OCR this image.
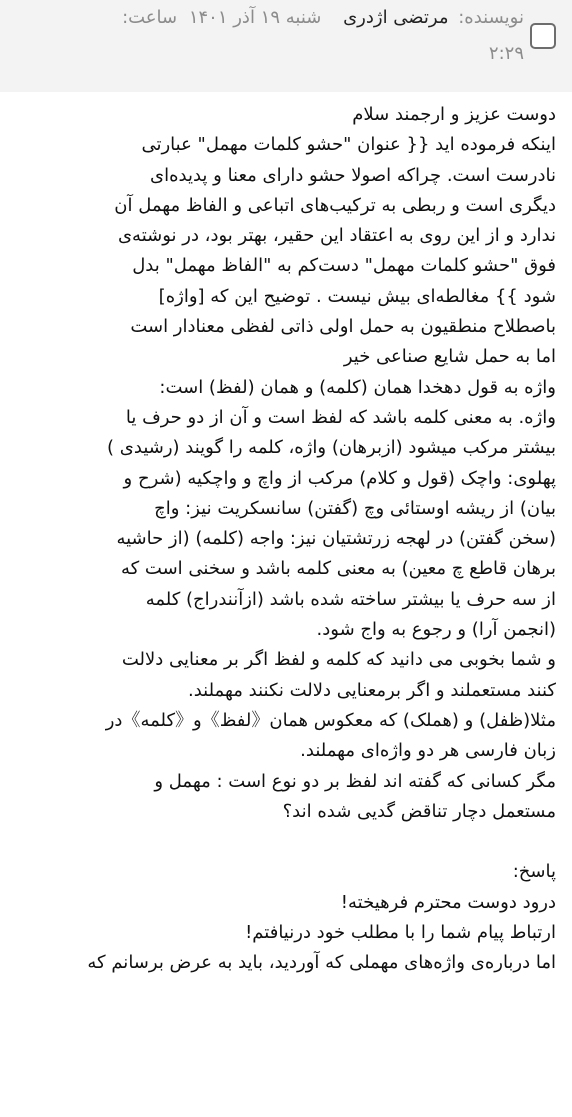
نویسنده: مرتضی اژدری شنبه ۱۹ آذر ۱۴۰۱ ساعت:
۲:۲۹

دوست عزیز و ارجمند سلام

اینکه فرموده اید {{ عنوان "حشو کلمات مهمل" عبارتی

نادرست است. چراکه اصولا حشو دارای معنا و پدیده‌ای

دیگری است و ربطی به ترکیب‌های اتباعی و الفاظ مهمل آن

ندارد و از این روی به اعتقاد این حقیر، بهتر بود، در نوشته‌ی

فوق "حشو کلمات مهمل" دست‌کم به "الفاظ مهمل" بدل

شود }} مغالطه‌ای بیش نیست . توضیح این که [واژه]

باصطلاح منطقیون به حمل اولی ذاتی لفظی معنادار است

اما به حمل شایع صناعی خیر

واژه به قول دهخدا همان (کلمه) و همان (لفظ) است:

واژه. به معنی کلمه باشد که لفظ است و آن از دو حرف یا

بیشتر مرکب میشود (ازبرهان) واژه، کلمه را گویند (رشیدی )

پهلوی: واچک (قول و کلام) مرکب از واچ و واچکیه (شرح و

بیان) از ریشه اوستائی وچ (گفتن) سانسکریت نیز: واچ

(سخن گفتن) در لهجه زرتشتیان نیز: واجه (کلمه) (از حاشیه

برهان قاطع چ معین) به معنی کلمه باشد و سخنی است که

از سه حرف یا بیشتر ساخته شده باشد (ازآنندراج) کلمه

(انجمن آرا) و رجوع به واج شود.

و شما بخوبی می دانید که کلمه و لفظ اگر بر معنایی دلالت

کنند مستعملند و اگر برمعنایی دلالت نکنند مهملند.

مثلا(ظفل) و (هملک) که معکوس همان《لفظ》و《کلمه》در

زبان فارسی هر دو واژه‌ای مهملند.

مگر کسانی که گفته اند لفظ بر دو نوع است : مهمل و

مستعمل دچار تناقض گدیی شده اند؟

پاسخ:

درود دوست محترم فرهیخته!

ارتباط پیام شما را با مطلب خود درنیافتم!

اما درباره‌ی واژه‌های مهملی که آوردید، باید به عرض برسانم که
